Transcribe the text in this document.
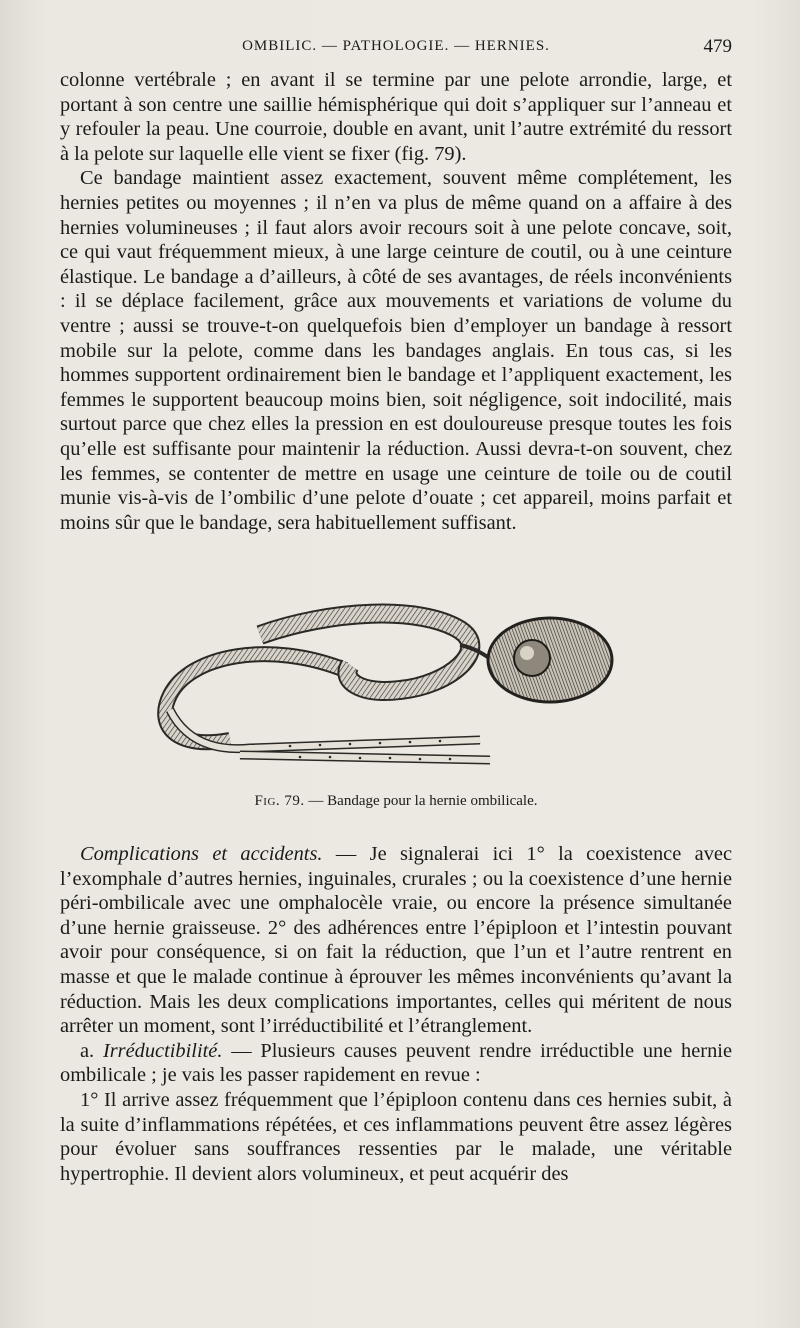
OMBILIC. — PATHOLOGIE. — HERNIES.	479

colonne vertébrale ; en avant il se termine par une pelote arrondie, large, et portant à son centre une saillie hémisphérique qui doit s’appliquer sur l’anneau et y refouler la peau. Une courroie, double en avant, unit l’autre extrémité du ressort à la pelote sur laquelle elle vient se fixer (fig. 79).

Ce bandage maintient assez exactement, souvent même complétement, les hernies petites ou moyennes ; il n’en va plus de même quand on a affaire à des hernies volumineuses ; il faut alors avoir recours soit à une pelote concave, soit, ce qui vaut fréquemment mieux, à une large ceinture de coutil, ou à une ceinture élastique. Le bandage a d’ailleurs, à côté de ses avantages, de réels inconvénients : il se déplace facilement, grâce aux mouvements et variations de volume du ventre ; aussi se trouve-t-on quelquefois bien d’employer un bandage à ressort mobile sur la pelote, comme dans les bandages anglais. En tous cas, si les hommes supportent ordinairement bien le bandage et l’appliquent exactement, les femmes le supportent beaucoup moins bien, soit négligence, soit indocilité, mais surtout parce que chez elles la pression en est douloureuse presque toutes les fois qu’elle est suffisante pour maintenir la réduction. Aussi devra-t-on souvent, chez les femmes, se contenter de mettre en usage une ceinture de toile ou de coutil munie vis-à-vis de l’ombilic d’une pelote d’ouate ; cet appareil, moins parfait et moins sûr que le bandage, sera habituellement suffisant.

Fig. 79. — Bandage pour la hernie ombilicale.

Complications et accidents. — Je signalerai ici 1° la coexistence avec l’exomphale d’autres hernies, inguinales, crurales ; ou la coexistence d’une hernie péri-ombilicale avec une omphalocèle vraie, ou encore la présence simultanée d’une hernie graisseuse. 2° des adhérences entre l’épiploon et l’intestin pouvant avoir pour conséquence, si on fait la réduction, que l’un et l’autre rentrent en masse et que le malade continue à éprouver les mêmes inconvénients qu’avant la réduction. Mais les deux complications importantes, celles qui méritent de nous arrêter un moment, sont l’irréductibilité et l’étranglement.

a. Irréductibilité. — Plusieurs causes peuvent rendre irréductible une hernie ombilicale ; je vais les passer rapidement en revue :

1° Il arrive assez fréquemment que l’épiploon contenu dans ces hernies subit, à la suite d’inflammations répétées, et ces inflammations peuvent être assez légères pour évoluer sans souffrances ressenties par le malade, une véritable hypertrophie. Il devient alors volumineux, et peut acquérir des
